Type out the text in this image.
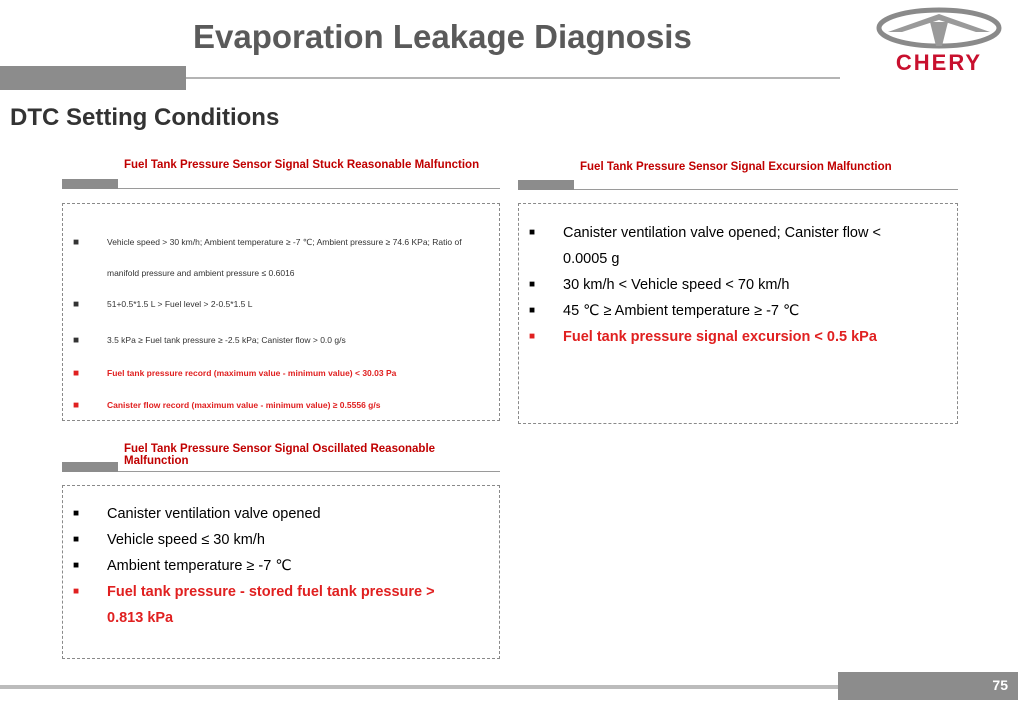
Evaporation Leakage Diagnosis
CHERY
DTC Setting Conditions
Fuel Tank Pressure Sensor Signal Stuck Reasonable Malfunction
■	Vehicle speed > 30 km/h; Ambient temperature ≥ -7 ℃; Ambient pressure ≥ 74.6 KPa; Ratio of
manifold pressure and ambient pressure ≤ 0.6016
■	51+0.5*1.5 L > Fuel level > 2-0.5*1.5 L
■	3.5 kPa ≥ Fuel tank pressure ≥ -2.5 kPa; Canister flow > 0.0 g/s
■	Fuel tank pressure record (maximum value - minimum value) < 30.03 Pa
■	Canister flow record (maximum value - minimum value) ≥ 0.5556 g/s
Fuel Tank Pressure Sensor Signal Excursion Malfunction
■ Canister ventilation valve opened; Canister flow < 0.0005 g
■ 30 km/h < Vehicle speed < 70 km/h
■ 45 ℃ ≥ Ambient temperature ≥ -7 ℃
■ Fuel tank pressure signal excursion < 0.5 kPa
Fuel Tank Pressure Sensor Signal Oscillated Reasonable
Malfunction
■ Canister ventilation valve opened
■ Vehicle speed ≤ 30 km/h
■ Ambient temperature ≥ -7 ℃
■ Fuel tank pressure - stored fuel tank pressure > 0.813 kPa
75
